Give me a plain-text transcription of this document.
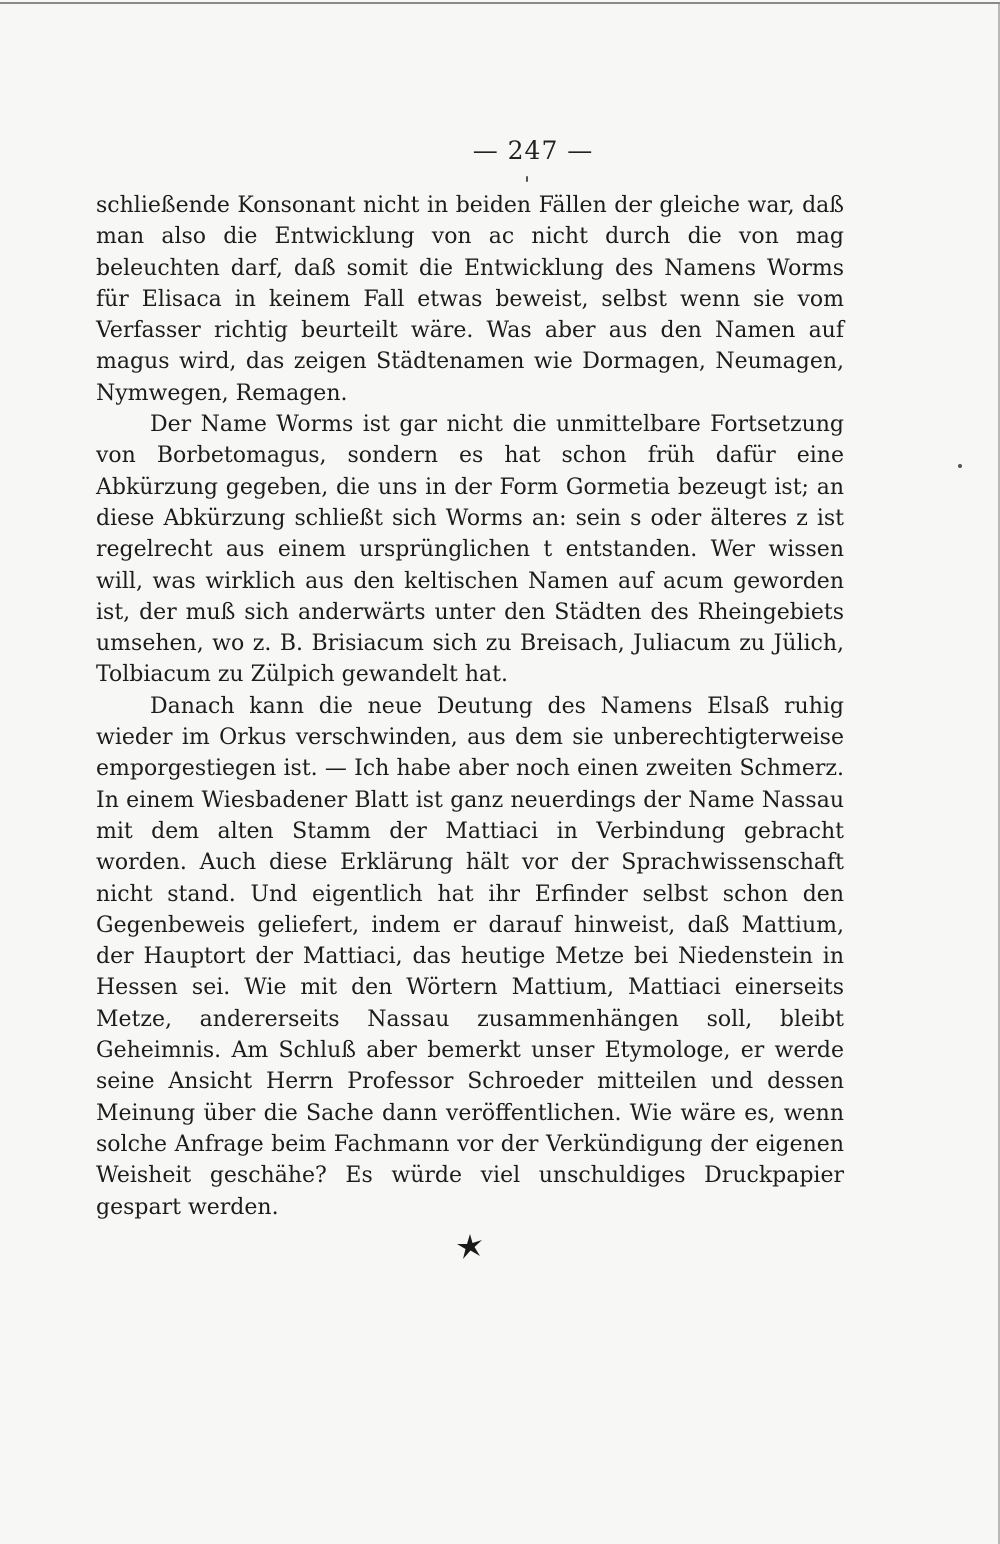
— 247 —

schließende Konsonant nicht in beiden Fällen der gleiche war, daß man also die Entwicklung von ac nicht durch die von mag beleuchten darf, daß somit die Entwicklung des Namens Worms für Elisaca in keinem Fall etwas beweist, selbst wenn sie vom Verfasser richtig beurteilt wäre. Was aber aus den Namen auf magus wird, das zeigen Städtenamen wie Dormagen, Neumagen, Nymwegen, Remagen.

Der Name Worms ist gar nicht die unmittelbare Fortsetzung von Borbetomagus, sondern es hat schon früh dafür eine Abkürzung gegeben, die uns in der Form Gormetia bezeugt ist; an diese Abkürzung schließt sich Worms an: sein s oder älteres z ist regelrecht aus einem ursprünglichen t entstanden. Wer wissen will, was wirklich aus den keltischen Namen auf acum geworden ist, der muß sich anderwärts unter den Städten des Rheingebiets umsehen, wo z. B. Brisiacum sich zu Breisach, Juliacum zu Jülich, Tolbiacum zu Zülpich gewandelt hat.

Danach kann die neue Deutung des Namens Elsaß ruhig wieder im Orkus verschwinden, aus dem sie unberechtigterweise emporgestiegen ist. — Ich habe aber noch einen zweiten Schmerz. In einem Wiesbadener Blatt ist ganz neuerdings der Name Nassau mit dem alten Stamm der Mattiaci in Verbindung gebracht worden. Auch diese Erklärung hält vor der Sprachwissenschaft nicht stand. Und eigentlich hat ihr Erfinder selbst schon den Gegenbeweis geliefert, indem er darauf hinweist, daß Mattium, der Hauptort der Mattiaci, das heutige Metze bei Niedenstein in Hessen sei. Wie mit den Wörtern Mattium, Mattiaci einerseits Metze, andererseits Nassau zusammenhängen soll, bleibt Geheimnis. Am Schluß aber bemerkt unser Etymologe, er werde seine Ansicht Herrn Professor Schroeder mitteilen und dessen Meinung über die Sache dann veröffentlichen. Wie wäre es, wenn solche Anfrage beim Fachmann vor der Verkündigung der eigenen Weisheit geschähe? Es würde viel unschuldiges Druckpapier gespart werden.
